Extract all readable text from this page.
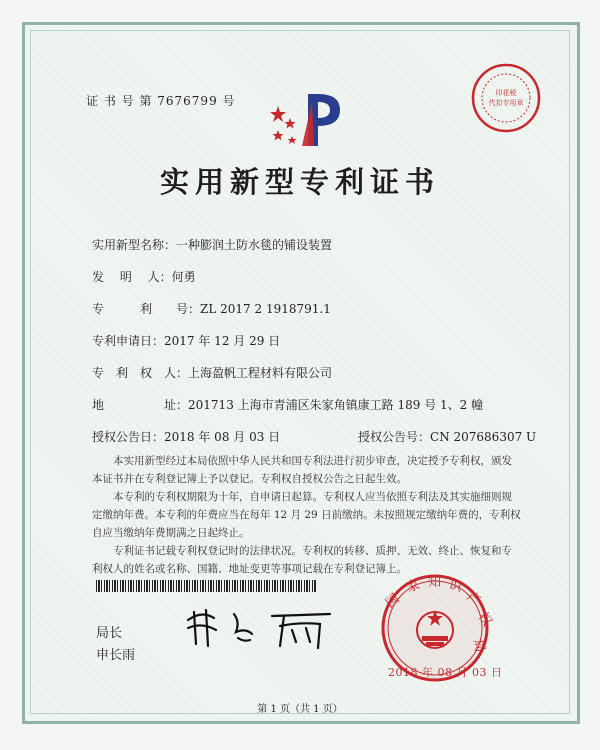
证 书 号 第 7676799 号
实用新型专利证书
实用新型名称：一种膨润土防水毯的铺设装置
发　 明　 人：何勇
专　　　利　　号：ZL 2017 2 1918791.1
专利申请日：2017 年 12 月 29 日
专　利　权　人：上海盈帆工程材料有限公司
地　　　　　址：201713 上海市青浦区朱家角镇康工路 189 号 1、2 幢
授权公告日：2018 年 08 月 03 日	授权公告号：CN 207686307 U

本实用新型经过本局依照中华人民共和国专利法进行初步审查，决定授予专利权，颁发本证书并在专利登记簿上予以登记。专利权自授权公告之日起生效。

本专利的专利权期限为十年，自申请日起算。专利权人应当依照专利法及其实施细则规定缴纳年费。本专利的年费应当在每年 12 月 29 日前缴纳。未按照规定缴纳年费的，专利权自应当缴纳年费期满之日起终止。

专利证书记载专利权登记时的法律状况。专利权的转移、质押、无效、终止、恢复和专利权人的姓名或名称、国籍、地址变更等事项记载在专利登记簿上。

局长
申长雨
国
家 知 识
产
权
局
2018 年 08 月 03 日
印花税
代扣专用章
第 1 页（共 1 页）
